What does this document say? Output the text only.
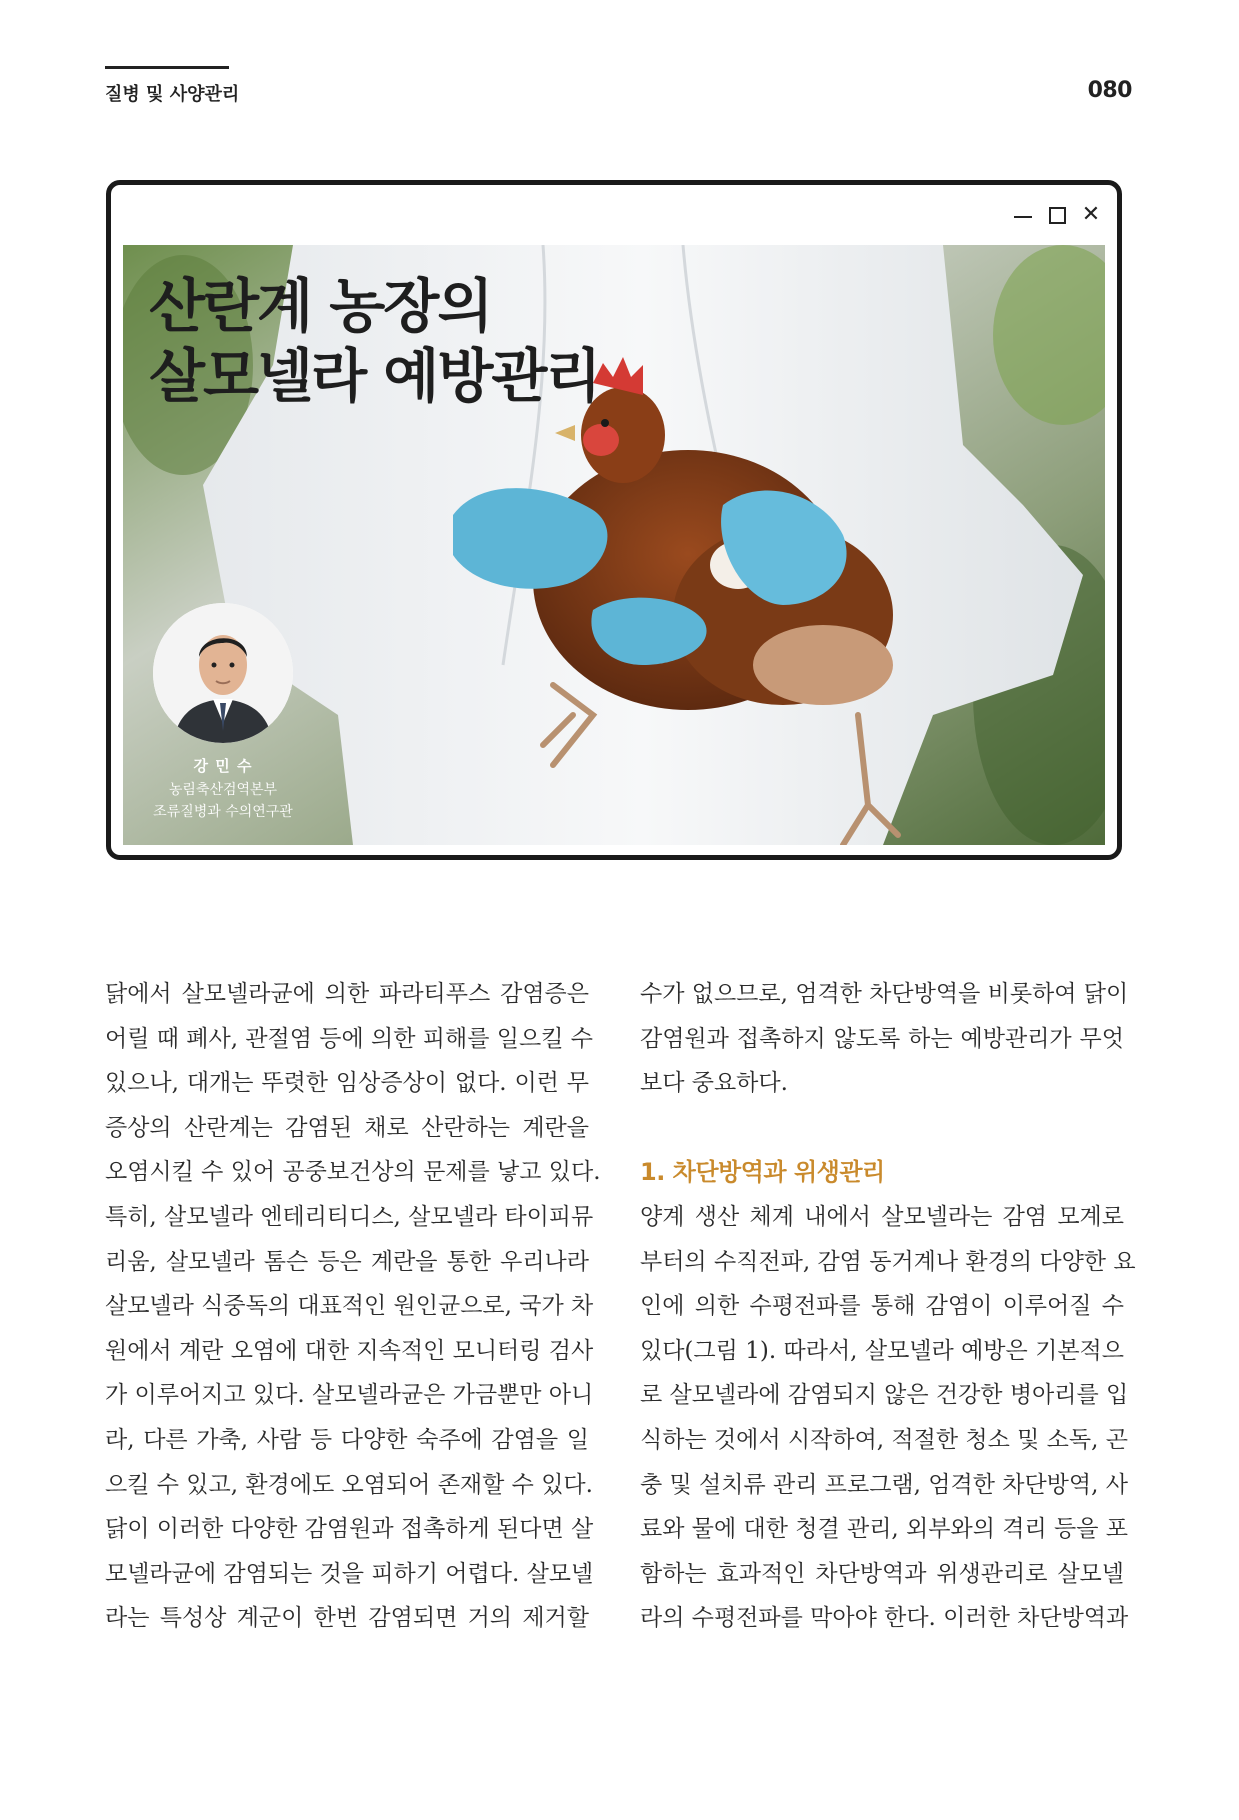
질병 및 사양관리	080
✕
산란계 농장의
살모넬라 예방관리
강 민 수
농림축산검역본부
조류질병과 수의연구관
닭에서 살모넬라균에 의한 파라티푸스 감염증은
어릴 때 폐사, 관절염 등에 의한 피해를 일으킬 수
있으나, 대개는 뚜렷한 임상증상이 없다. 이런 무
증상의 산란계는 감염된 채로 산란하는 계란을
오염시킬 수 있어 공중보건상의 문제를 낳고 있다.
특히, 살모넬라 엔테리티디스, 살모넬라 타이피뮤
리움, 살모넬라 톰슨 등은 계란을 통한 우리나라
살모넬라 식중독의 대표적인 원인균으로, 국가 차
원에서 계란 오염에 대한 지속적인 모니터링 검사
가 이루어지고 있다. 살모넬라균은 가금뿐만 아니
라, 다른 가축, 사람 등 다양한 숙주에 감염을 일
으킬 수 있고, 환경에도 오염되어 존재할 수 있다.
닭이 이러한 다양한 감염원과 접촉하게 된다면 살
모넬라균에 감염되는 것을 피하기 어렵다. 살모넬
라는 특성상 계군이 한번 감염되면 거의 제거할
수가 없으므로, 엄격한 차단방역을 비롯하여 닭이
감염원과 접촉하지 않도록 하는 예방관리가 무엇
보다 중요하다.
1. 차단방역과 위생관리
양계 생산 체계 내에서 살모넬라는 감염 모계로
부터의 수직전파, 감염 동거계나 환경의 다양한 요
인에 의한 수평전파를 통해 감염이 이루어질 수
있다(그림 1). 따라서, 살모넬라 예방은 기본적으
로 살모넬라에 감염되지 않은 건강한 병아리를 입
식하는 것에서 시작하여, 적절한 청소 및 소독, 곤
충 및 설치류 관리 프로그램, 엄격한 차단방역, 사
료와 물에 대한 청결 관리, 외부와의 격리 등을 포
함하는 효과적인 차단방역과 위생관리로 살모넬
라의 수평전파를 막아야 한다. 이러한 차단방역과
